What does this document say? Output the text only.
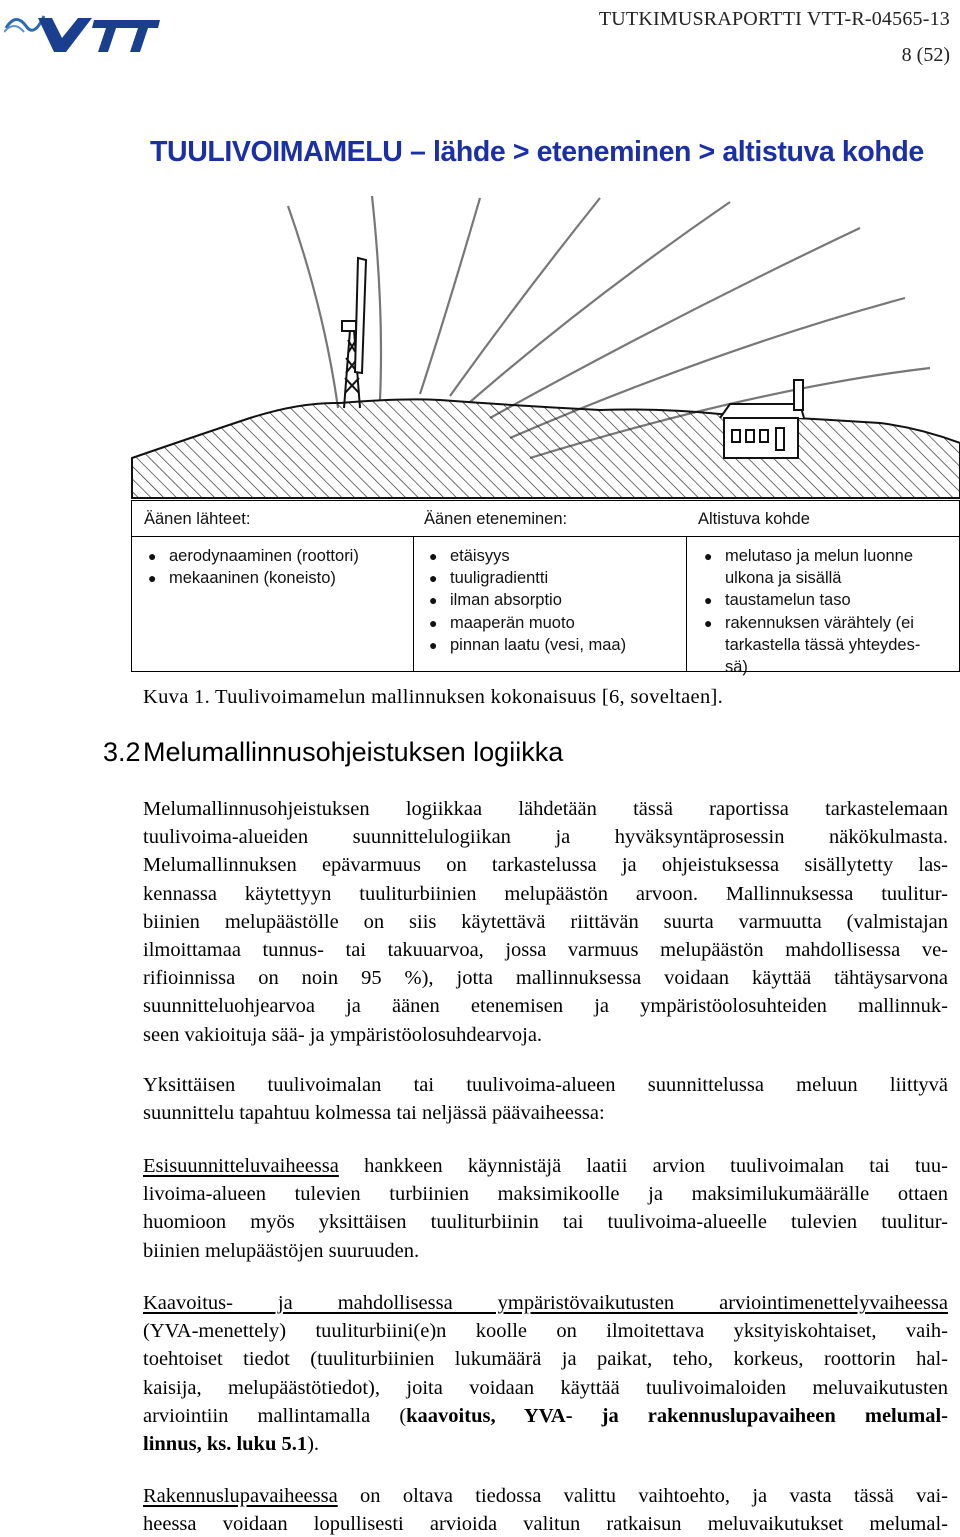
TUTKIMUSRAPORTTI VTT-R-04565-13
8 (52)
TUULIVOIMAMELU – lähde > eteneminen > altistuva kohde
Äänen lähteet:	Äänen eteneminen:	Altistuva kohde
● aerodynaaminen (roottori)
● mekaaninen (koneisto)
● etäisyys
● tuuligradientti
● ilman absorptio
● maaperän muoto
● pinnan laatu (vesi, maa)
● melutaso ja melun luonne
ulkona ja sisällä
● taustamelun taso
● rakennuksen värähtely (ei
tarkastella tässä yhteydes-
sä)
Kuva 1. Tuulivoimamelun mallinnuksen kokonaisuus [6, soveltaen].
3.2Melumallinnusohjeistuksen logiikka
Melumallinnusohjeistuksen logiikkaa lähdetään tässä raportissa tarkastelemaan
tuulivoima-alueiden suunnittelulogiikan ja hyväksyntäprosessin näkökulmasta.
Melumallinnuksen epävarmuus on tarkastelussa ja ohjeistuksessa sisällytetty las-
kennassa käytettyyn tuuliturbiinien melupäästön arvoon. Mallinnuksessa tuulitur-
biinien melupäästölle on siis käytettävä riittävän suurta varmuutta (valmistajan
ilmoittamaa tunnus- tai takuuarvoa, jossa varmuus melupäästön mahdollisessa ve-
rifioinnissa on noin 95 %), jotta mallinnuksessa voidaan käyttää tähtäysarvona
suunnitteluohjearvoa ja äänen etenemisen ja ympäristöolosuhteiden mallinnuk-
seen vakioituja sää- ja ympäristöolosuhdearvoja.
Yksittäisen tuulivoimalan tai tuulivoima-alueen suunnittelussa meluun liittyvä
suunnittelu tapahtuu kolmessa tai neljässä päävaiheessa:
Esisuunnitteluvaiheessa hankkeen käynnistäjä laatii arvion tuulivoimalan tai tuu-
livoima-alueen tulevien turbiinien maksimikoolle ja maksimilukumäärälle ottaen
huomioon myös yksittäisen tuuliturbiinin tai tuulivoima-alueelle tulevien tuulitur-
biinien melupäästöjen suuruuden.
Kaavoitus- ja mahdollisessa ympäristövaikutusten arviointimenettelyvaiheessa
(YVA-menettely) tuuliturbiini(e)n koolle on ilmoitettava yksityiskohtaiset, vaih-
toehtoiset tiedot (tuuliturbiinien lukumäärä ja paikat, teho, korkeus, roottorin hal-
kaisija, melupäästötiedot), joita voidaan käyttää tuulivoimaloiden meluvaikutusten
arviointiin mallintamalla (kaavoitus, YVA- ja rakennuslupavaiheen melumal-
linnus, ks. luku 5.1).
Rakennuslupavaiheessa on oltava tiedossa valittu vaihtoehto, ja vasta tässä vai-
heessa voidaan lopullisesti arvioida valitun ratkaisun meluvaikutukset melumal-
